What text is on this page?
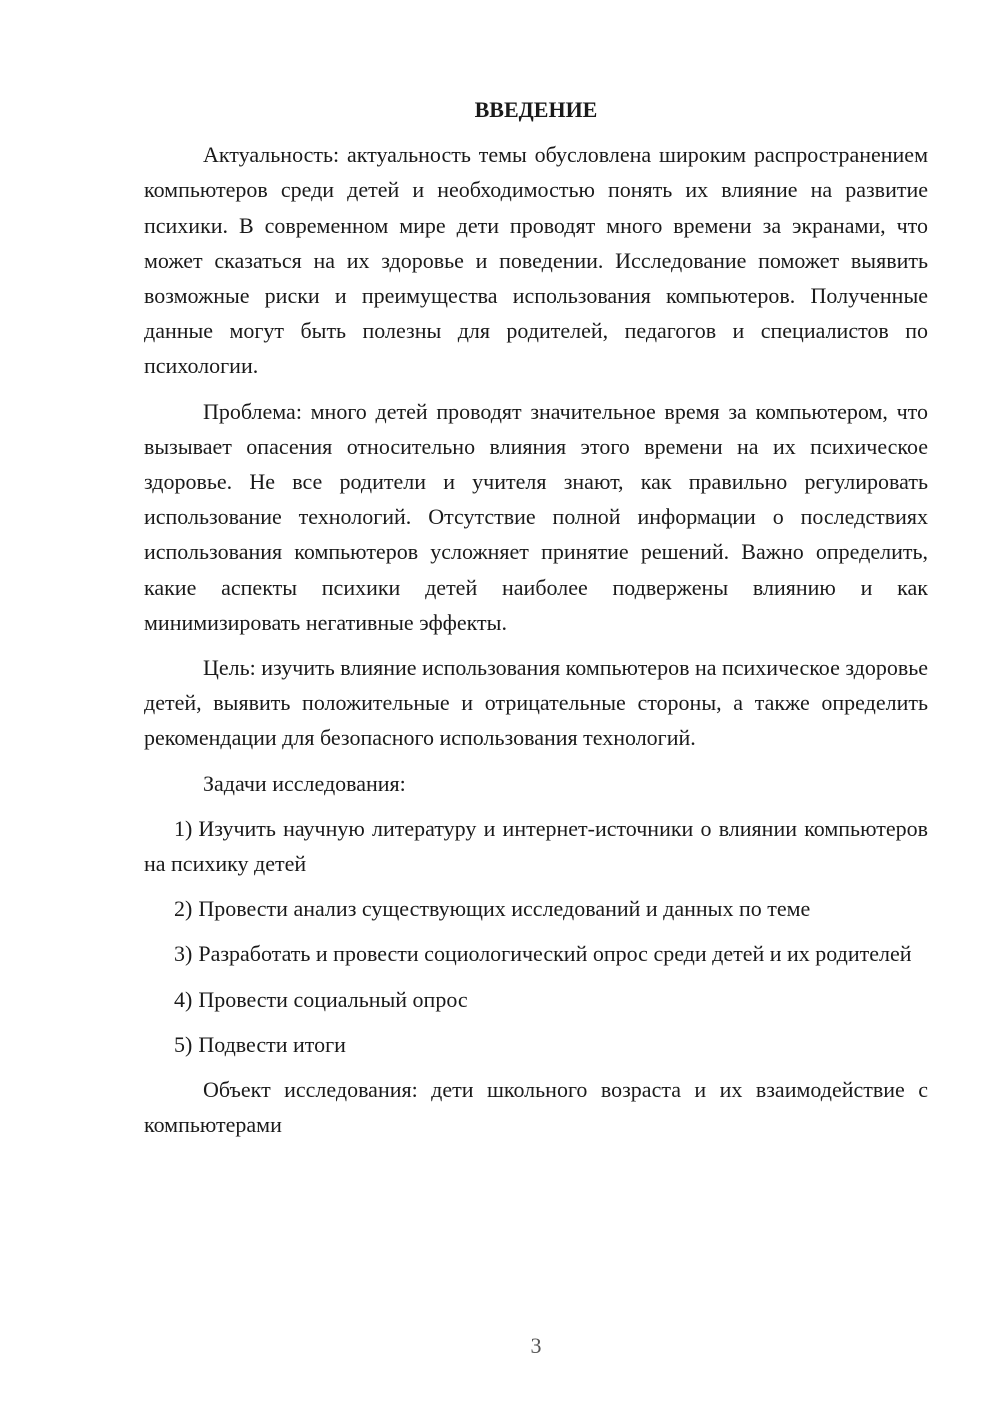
ВВЕДЕНИЕ

Актуальность: актуальность темы обусловлена широким распространением компьютеров среди детей и необходимостью понять их влияние на развитие психики. В современном мире дети проводят много времени за экранами, что может сказаться на их здоровье и поведении. Исследование поможет выявить возможные риски и преимущества использования компьютеров. Полученные данные могут быть полезны для родителей, педагогов и специалистов по психологии.

Проблема: много детей проводят значительное время за компьютером, что вызывает опасения относительно влияния этого времени на их психическое здоровье. Не все родители и учителя знают, как правильно регулировать использование технологий. Отсутствие полной информации о последствиях использования компьютеров усложняет принятие решений. Важно определить, какие аспекты психики детей наиболее подвержены влиянию и как минимизировать негативные эффекты.

Цель: изучить влияние использования компьютеров на психическое здоровье детей, выявить положительные и отрицательные стороны, а также определить рекомендации для безопасного использования технологий.

Задачи исследования:

1) Изучить научную литературу и интернет-источники о влиянии компьютеров на психику детей

2) Провести анализ существующих исследований и данных по теме

3) Разработать и провести социологический опрос среди детей и их родителей

4) Провести социальный опрос

5) Подвести итоги

Объект исследования: дети школьного возраста и их взаимодействие с компьютерами

3
